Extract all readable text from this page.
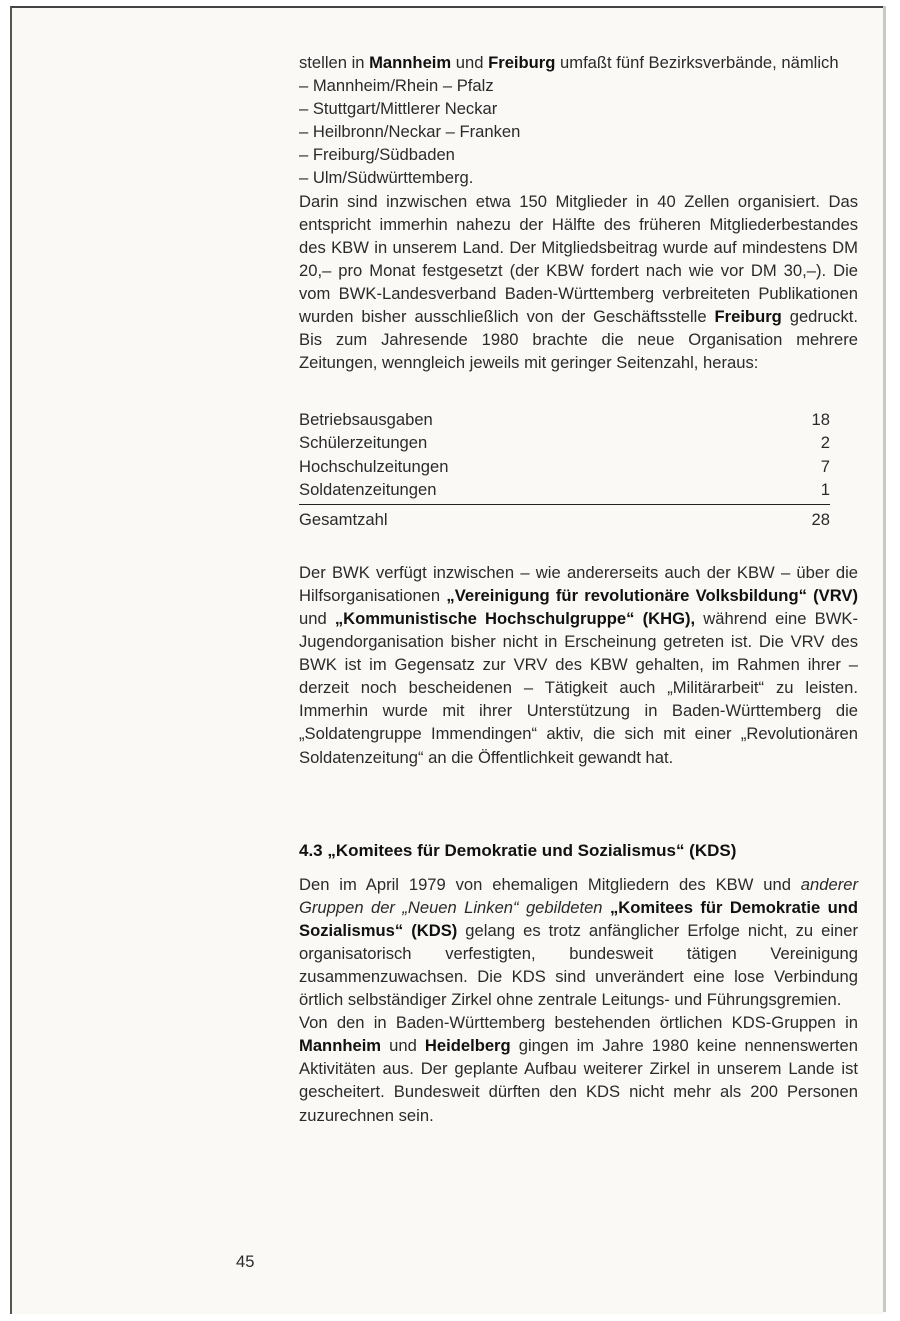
stellen in Mannheim und Freiburg umfaßt fünf Bezirksverbände, nämlich

– Mannheim/Rhein – Pfalz
– Stuttgart/Mittlerer Neckar
– Heilbronn/Neckar – Franken
– Freiburg/Südbaden
– Ulm/Südwürttemberg.

Darin sind inzwischen etwa 150 Mitglieder in 40 Zellen organisiert. Das entspricht immerhin nahezu der Hälfte des früheren Mitgliederbestandes des KBW in unserem Land. Der Mitgliedsbeitrag wurde auf mindestens DM 20,– pro Monat festgesetzt (der KBW fordert nach wie vor DM 30,–). Die vom BWK-Landesverband Baden-Württemberg verbreiteten Publikationen wurden bisher ausschließlich von der Geschäftsstelle Freiburg gedruckt. Bis zum Jahresende 1980 brachte die neue Organisation mehrere Zeitungen, wenngleich jeweils mit geringer Seitenzahl, heraus:

Betriebsausgaben	18
Schülerzeitungen	2
Hochschulzeitungen	7
Soldatenzeitungen	1
Gesamtzahl	28

Der BWK verfügt inzwischen – wie andererseits auch der KBW – über die Hilfsorganisationen „Vereinigung für revolutionäre Volksbildung“ (VRV) und „Kommunistische Hochschulgruppe“ (KHG), während eine BWK-Jugendorganisation bisher nicht in Erscheinung getreten ist. Die VRV des BWK ist im Gegensatz zur VRV des KBW gehalten, im Rahmen ihrer – derzeit noch bescheidenen – Tätigkeit auch „Militärarbeit“ zu leisten. Immerhin wurde mit ihrer Unterstützung in Baden-Württemberg die „Soldatengruppe Immendingen“ aktiv, die sich mit einer „Revolutionären Soldatenzeitung“ an die Öffentlichkeit gewandt hat.

4.3 „Komitees für Demokratie und Sozialismus“ (KDS)

Den im April 1979 von ehemaligen Mitgliedern des KBW und anderer Gruppen der „Neuen Linken“ gebildeten „Komitees für Demokratie und Sozialismus“ (KDS) gelang es trotz anfänglicher Erfolge nicht, zu einer organisatorisch verfestigten, bundesweit tätigen Vereinigung zusammenzuwachsen. Die KDS sind unverändert eine lose Verbindung örtlich selbständiger Zirkel ohne zentrale Leitungs- und Führungsgremien.

Von den in Baden-Württemberg bestehenden örtlichen KDS-Gruppen in Mannheim und Heidelberg gingen im Jahre 1980 keine nennenswerten Aktivitäten aus. Der geplante Aufbau weiterer Zirkel in unserem Lande ist gescheitert. Bundesweit dürften den KDS nicht mehr als 200 Personen zuzurechnen sein.

45
